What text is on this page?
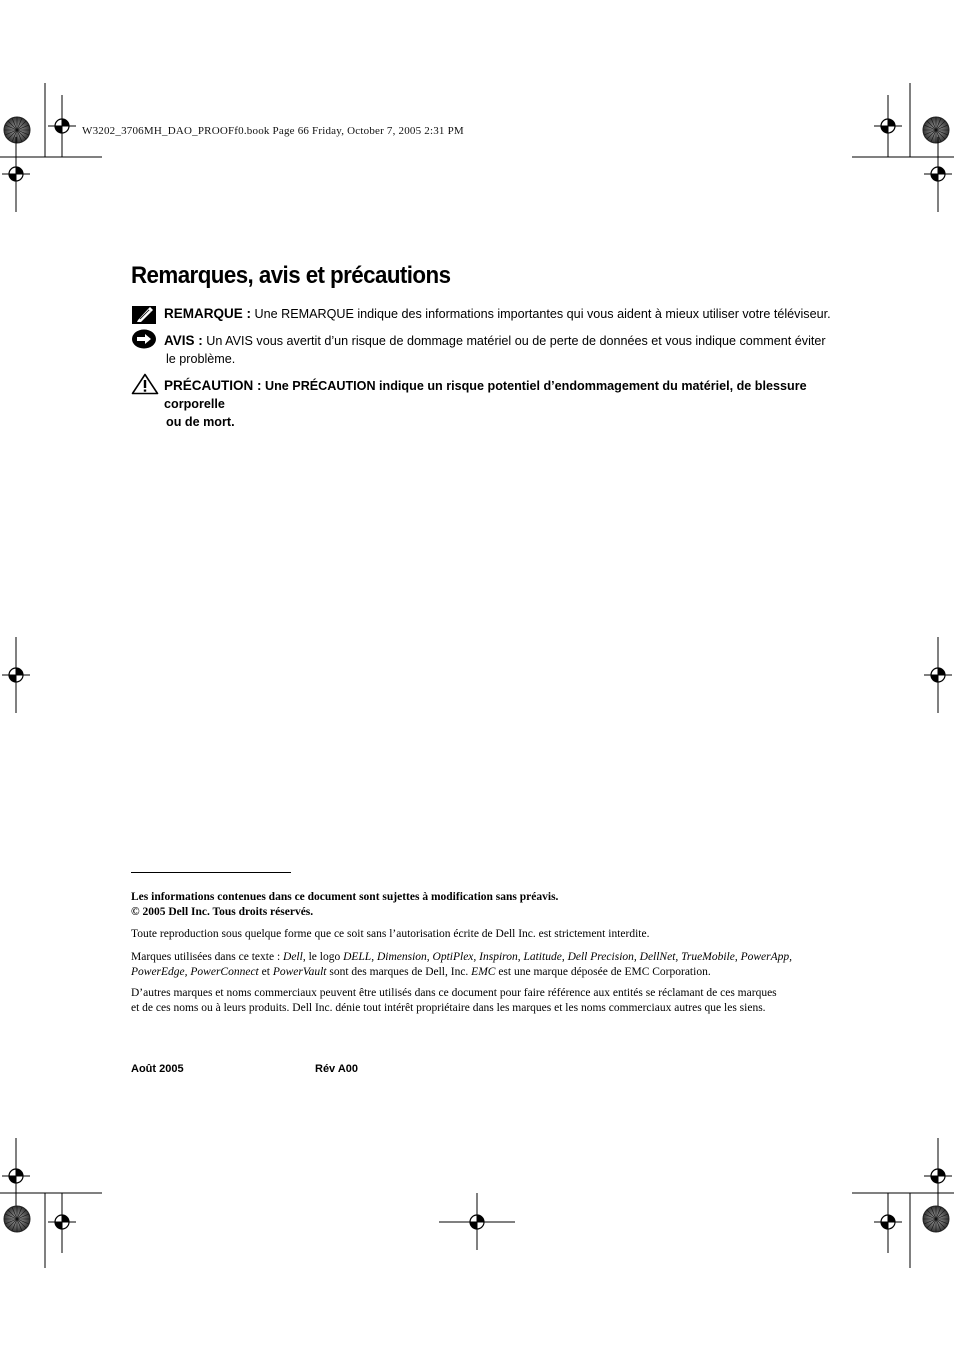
W3202_3706MH_DAO_PROOFf0.book Page 66 Friday, October 7, 2005 2:31 PM
Remarques, avis et précautions
REMARQUE : Une REMARQUE indique des informations importantes qui vous aident à mieux utiliser votre téléviseur.
AVIS : Un AVIS vous avertit d’un risque de dommage matériel ou de perte de données et vous indique comment éviter
le problème.
PRÉCAUTION : Une PRÉCAUTION indique un risque potentiel d’endommagement du matériel, de blessure corporelle
ou de mort.

Les informations contenues dans ce document sont sujettes à modification sans préavis.

© 2005 Dell Inc. Tous droits réservés.

Toute reproduction sous quelque forme que ce soit sans l’autorisation écrite de Dell Inc. est strictement interdite.

Marques utilisées dans ce texte : Dell, le logo DELL, Dimension, OptiPlex, Inspiron, Latitude, Dell Precision, DellNet, TrueMobile, PowerApp,
PowerEdge, PowerConnect et PowerVault sont des marques de Dell, Inc. EMC est une marque déposée de EMC Corporation.

D’autres marques et noms commerciaux peuvent être utilisés dans ce document pour faire référence aux entités se réclamant de ces marques

et de ces noms ou à leurs produits. Dell Inc. dénie tout intérêt propriétaire dans les marques et les noms commerciaux autres que les siens.

Août 2005	Rév A00
